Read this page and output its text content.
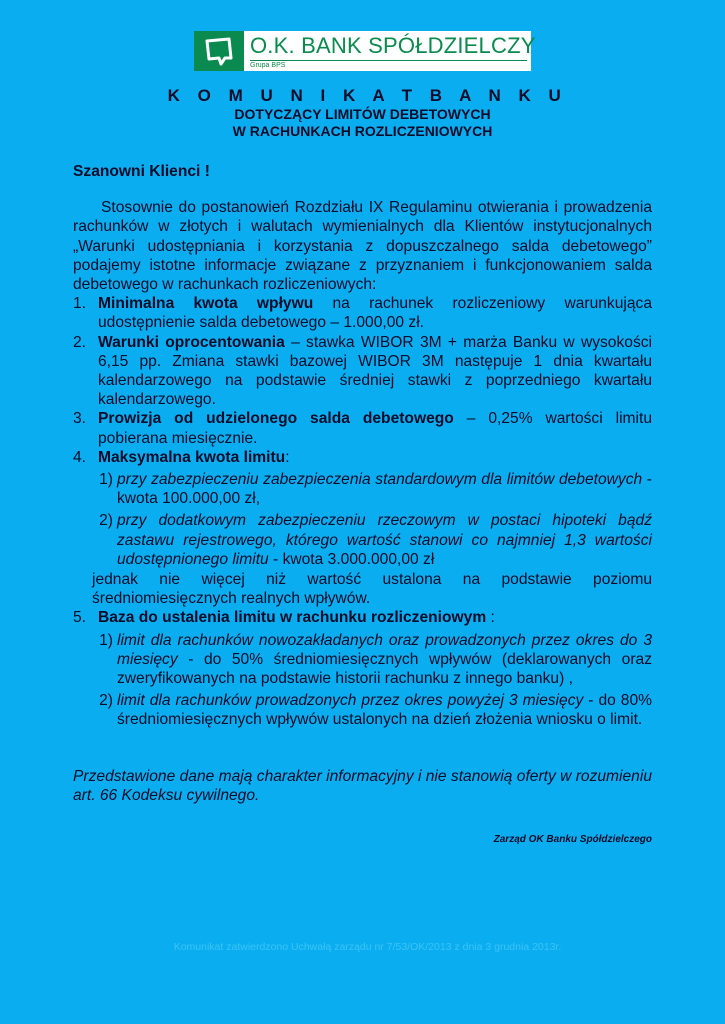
O.K. BANK SPÓŁDZIELCZY
Grupa BPS
K O M U N I K A T B A N K U
DOTYCZĄCY LIMITÓW DEBETOWYCH
W RACHUNKACH ROZLICZENIOWYCH

Szanowni Klienci !

Stosownie do postanowień Rozdziału IX Regulaminu otwierania i prowadzenia rachunków w złotych i walutach wymienialnych dla Klientów instytucjonalnych „Warunki udostępniania i korzystania z dopuszczalnego salda debetowego” podajemy istotne informacje związane z przyznaniem i funkcjonowaniem salda debetowego w rachunkach rozliczeniowych:

1. Minimalna kwota wpływu na rachunek rozliczeniowy warunkująca udostępnienie salda debetowego – 1.000,00 zł.
2. Warunki oprocentowania – stawka WIBOR 3M + marża Banku w wysokości 6,15 pp. Zmiana stawki bazowej WIBOR 3M następuje 1 dnia kwartału kalendarzowego na podstawie średniej stawki z poprzedniego kwartału kalendarzowego.
3. Prowizja od udzielonego salda debetowego – 0,25% wartości limitu pobierana miesięcznie.
4. Maksymalna kwota limitu:
1) przy zabezpieczeniu zabezpieczenia standardowym dla limitów debetowych - kwota 100.000,00 zł,
2) przy dodatkowym zabezpieczeniu rzeczowym w postaci hipoteki bądź zastawu rejestrowego, którego wartość stanowi co najmniej 1,3 wartości udostępnionego limitu - kwota 3.000.000,00 zł
jednak nie więcej niż wartość ustalona na podstawie poziomu średniomiesięcznych realnych wpływów.
5. Baza do ustalenia limitu w rachunku rozliczeniowym :
1) limit dla rachunków nowozakładanych oraz prowadzonych przez okres do 3 miesięcy - do 50% średniomiesięcznych wpływów (deklarowanych oraz zweryfikowanych na podstawie historii rachunku z innego banku) ,
2) limit dla rachunków prowadzonych przez okres powyżej 3 miesięcy - do 80% średniomiesięcznych wpływów ustalonych na dzień złożenia wniosku o limit.
Przedstawione dane mają charakter informacyjny i nie stanowią oferty w rozumieniu art. 66 Kodeksu cywilnego.
Zarząd OK Banku Spółdzielczego
Komunikat zatwierdzono Uchwałą zarządu nr 7/53/OK/2013 z dnia 3 grudnia 2013r.
